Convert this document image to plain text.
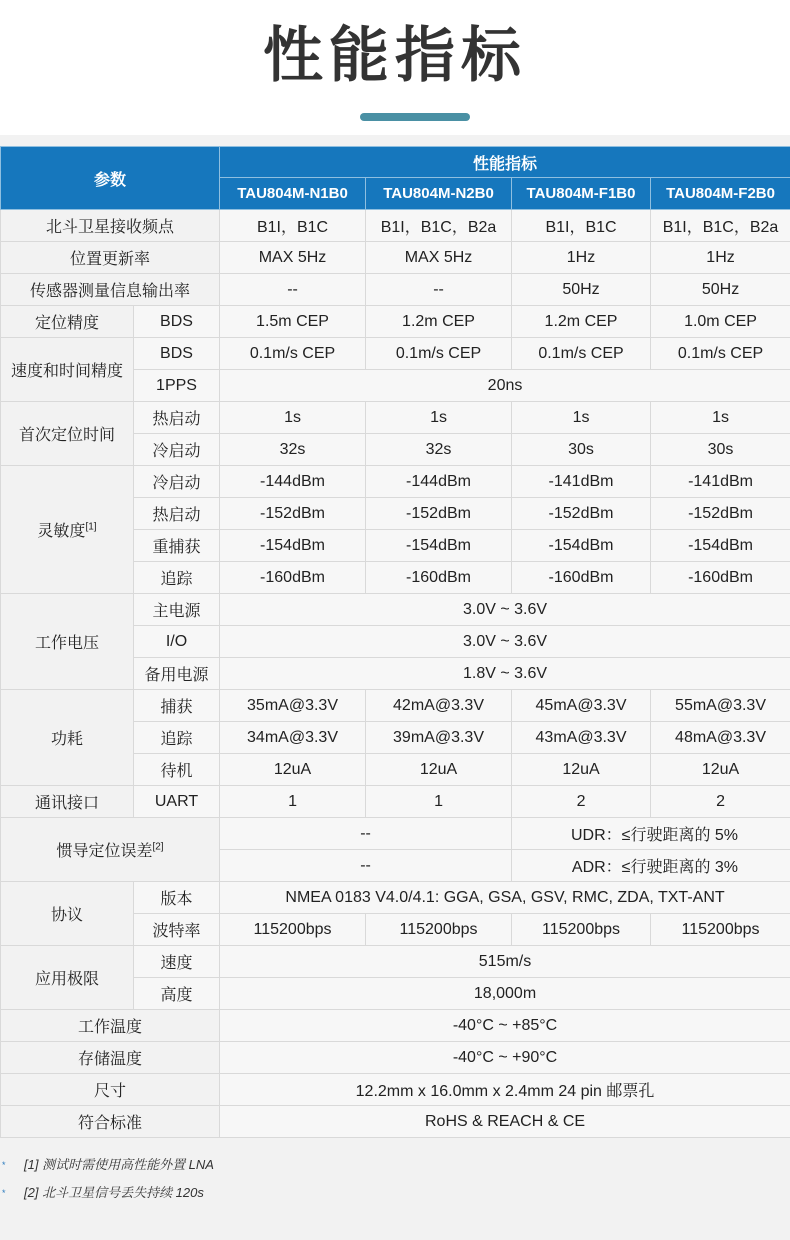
性能指标
参数		性能指标			
		TAU804M-N1B0	TAU804M-N2B0	TAU804M-F1B0	TAU804M-F2B0
北斗卫星接收频点		B1I，B1C	B1I，B1C，B2a	B1I，B1C	B1I，B1C，B2a
位置更新率		MAX 5Hz	MAX 5Hz	1Hz	1Hz
传感器测量信息输出率		--	--	50Hz	50Hz
定位精度	BDS	1.5m CEP	1.2m CEP	1.2m CEP	1.0m CEP
速度和时间精度	BDS	0.1m/s CEP	0.1m/s CEP	0.1m/s CEP	0.1m/s CEP
	1PPS	20ns			
首次定位时间	热启动	1s	1s	1s	1s
	冷启动	32s	32s	30s	30s
灵敏度[1]	冷启动	-144dBm	-144dBm	-141dBm	-141dBm
	热启动	-152dBm	-152dBm	-152dBm	-152dBm
	重捕获	-154dBm	-154dBm	-154dBm	-154dBm
	追踪	-160dBm	-160dBm	-160dBm	-160dBm
工作电压	主电源	3.0V ~ 3.6V			
	I/O	3.0V ~ 3.6V			
	备用电源	1.8V ~ 3.6V			
功耗	捕获	35mA@3.3V	42mA@3.3V	45mA@3.3V	55mA@3.3V
	追踪	34mA@3.3V	39mA@3.3V	43mA@3.3V	48mA@3.3V
	待机	12uA	12uA	12uA	12uA
通讯接口	UART	1	1	2	2
惯导定位误差[2]		--		UDR：≤行驶距离的 5%	
		--		ADR：≤行驶距离的 3%	
协议	版本	NMEA 0183 V4.0/4.1: GGA, GSA, GSV, RMC, ZDA, TXT-ANT			
	波特率	115200bps	115200bps	115200bps	115200bps
应用极限	速度	515m/s			
	高度	18,000m			
工作温度		-40°C ~ +85°C			
存储温度		-40°C ~ +90°C			
尺寸		12.2mm x 16.0mm x 2.4mm 24 pin 邮票孔			
符合标准		RoHS & REACH & CE			
* [1] 测试时需使用高性能外置 LNA
* [2] 北斗卫星信号丢失持续 120s
